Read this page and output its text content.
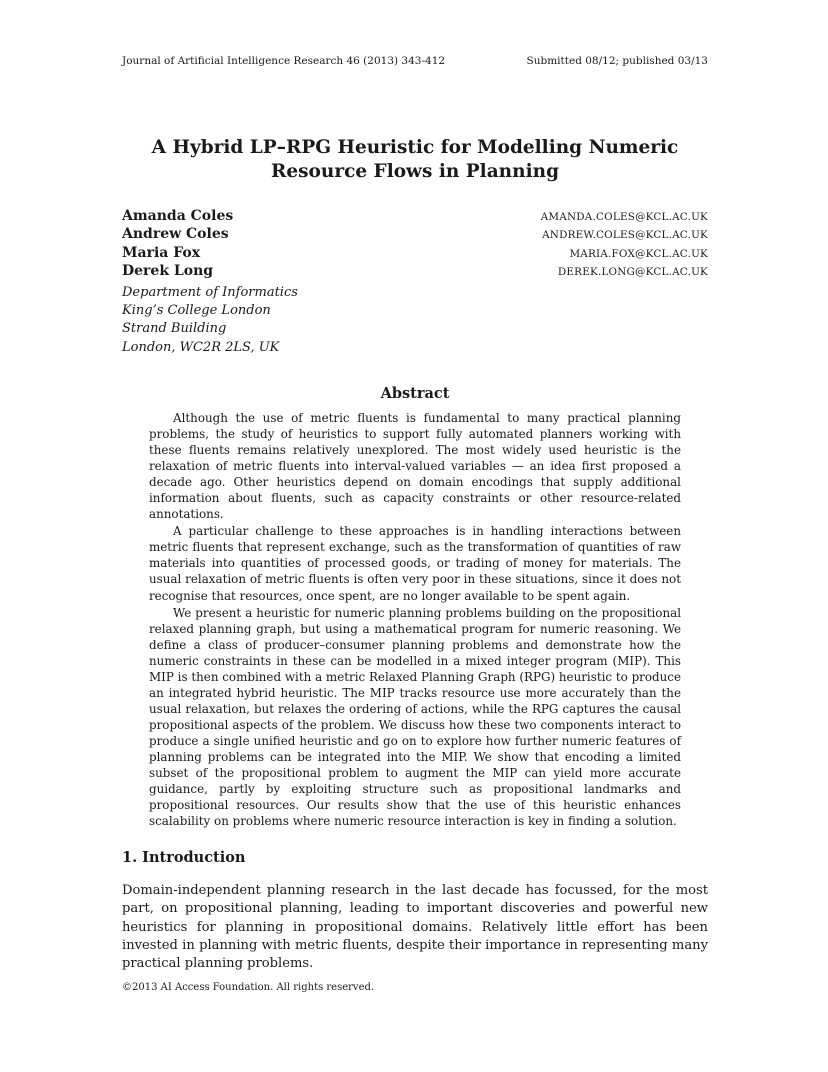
Journal of Artificial Intelligence Research 46 (2013) 343-412	Submitted 08/12; published 03/13
A Hybrid LP–RPG Heuristic for Modelling Numeric
Resource Flows in Planning
Amanda Coles	AMANDA.COLES@KCL.AC.UK
Andrew Coles	ANDREW.COLES@KCL.AC.UK
Maria Fox	MARIA.FOX@KCL.AC.UK
Derek Long	DEREK.LONG@KCL.AC.UK
Department of Informatics
King’s College London
Strand Building
London, WC2R 2LS, UK
Abstract

Although the use of metric fluents is fundamental to many practical planning problems, the study of heuristics to support fully automated planners working with these fluents remains relatively unexplored. The most widely used heuristic is the relaxation of metric fluents into interval-valued variables — an idea first proposed a decade ago. Other heuristics depend on domain encodings that supply additional information about fluents, such as capacity constraints or other resource-related annotations.

A particular challenge to these approaches is in handling interactions between metric fluents that represent exchange, such as the transformation of quantities of raw materials into quantities of processed goods, or trading of money for materials. The usual relaxation of metric fluents is often very poor in these situations, since it does not recognise that resources, once spent, are no longer available to be spent again.

We present a heuristic for numeric planning problems building on the propositional relaxed planning graph, but using a mathematical program for numeric reasoning. We define a class of producer–consumer planning problems and demonstrate how the numeric constraints in these can be modelled in a mixed integer program (MIP). This MIP is then combined with a metric Relaxed Planning Graph (RPG) heuristic to produce an integrated hybrid heuristic. The MIP tracks resource use more accurately than the usual relaxation, but relaxes the ordering of actions, while the RPG captures the causal propositional aspects of the problem. We discuss how these two components interact to produce a single unified heuristic and go on to explore how further numeric features of planning problems can be integrated into the MIP. We show that encoding a limited subset of the propositional problem to augment the MIP can yield more accurate guidance, partly by exploiting structure such as propositional landmarks and propositional resources. Our results show that the use of this heuristic enhances scalability on problems where numeric resource interaction is key in finding a solution.

1. Introduction

Domain-independent planning research in the last decade has focussed, for the most part, on propositional planning, leading to important discoveries and powerful new heuristics for planning in propositional domains. Relatively little effort has been invested in planning with metric fluents, despite their importance in representing many practical planning problems.

©2013 AI Access Foundation. All rights reserved.
